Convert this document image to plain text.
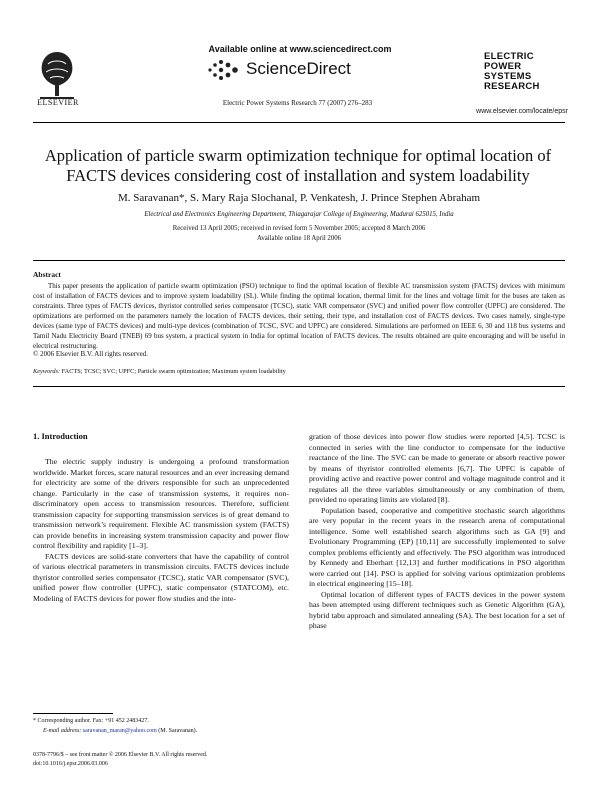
ELSEVIER
Available online at www.sciencedirect.com
ScienceDirect
Electric Power Systems Research 77 (2007) 276–283
ELECTRIC
POWER
SYSTEMS
RESEARCH
www.elsevier.com/locate/epsr
Application of particle swarm optimization technique for optimal location of FACTS devices considering cost of installation and system loadability
M. Saravanan*, S. Mary Raja Slochanal, P. Venkatesh, J. Prince Stephen Abraham
Electrical and Electronics Engineering Department, Thiagarajar College of Engineering, Madurai 625015, India
Received 13 April 2005; received in revised form 5 November 2005; accepted 8 March 2006
Available online 18 April 2006
Abstract
This paper presents the application of particle swarm optimization (PSO) technique to find the optimal location of flexible AC transmission system (FACTS) devices with minimum cost of installation of FACTS devices and to improve system loadability (SL). While finding the optimal location, thermal limit for the lines and voltage limit for the buses are taken as constraints. Three types of FACTS devices, thyristor controlled series compensator (TCSC), static VAR compensator (SVC) and unified power flow controller (UPFC) are considered. The optimizations are performed on the parameters namely the location of FACTS devices, their setting, their type, and installation cost of FACTS devices. Two cases namely, single-type devices (same type of FACTS devices) and multi-type devices (combination of TCSC, SVC and UPFC) are considered. Simulations are performed on IEEE 6, 30 and 118 bus systems and Tamil Nadu Electricity Board (TNEB) 69 bus system, a practical system in India for optimal location of FACTS devices. The results obtained are quite encouraging and will be useful in electrical restructuring.
© 2006 Elsevier B.V. All rights reserved.
Keywords: FACTS; TCSC; SVC; UPFC; Particle swarm optimization; Maximum system loadability
1. Introduction

The electric supply industry is undergoing a profound transformation worldwide. Market forces, scare natural resources and an ever increasing demand for electricity are some of the drivers responsible for such an unprecedented change. Particularly in the case of transmission systems, it requires non-discriminatory open access to transmission resources. Therefore, sufficient transmission capacity for supporting transmission services is of great demand to transmission network’s requirement. Flexible AC transmission system (FACTS) can provide benefits in increasing system transmission capacity and power flow control flexibility and rapidity [1–3].

FACTS devices are solid-state converters that have the capability of control of various electrical parameters in transmission circuits. FACTS devices include thyristor controlled series compensator (TCSC), static VAR compensator (SVC), unified power flow controller (UPFC), static compensator (STATCOM), etc. Modeling of FACTS devices for power flow studies and the inte-

gration of those devices into power flow studies were reported [4,5]. TCSC is connected in series with the line conductor to compensate for the inductive reactance of the line. The SVC can be made to generate or absorb reactive power by means of thyristor controlled elements [6,7]. The UPFC is capable of providing active and reactive power control and voltage magnitude control and it regulates all the three variables simultaneously or any combination of them, provided no operating limits are violated [8].

Population based, cooperative and competitive stochastic search algorithms are very popular in the recent years in the research arena of computational intelligence. Some well established search algorithms such as GA [9] and Evolutionary Programming (EP) [10,11] are successfully implemented to solve complex problems efficiently and effectively. The PSO algorithm was introduced by Kennedy and Eberhart [12,13] and further modifications in PSO algorithm were carried out [14]. PSO is applied for solving various optimization problems in electrical engineering [15–18].

Optimal location of different types of FACTS devices in the power system has been attempted using different techniques such as Genetic Algorithm (GA), hybrid tabu approach and simulated annealing (SA). The best location for a set of phase

* Corresponding author. Fax: +91 452 2483427.
E-mail address: saravanan_maran@yahoo.com (M. Saravanan).
0378-7796/$ – see front matter © 2006 Elsevier B.V. All rights reserved.
doi:10.1016/j.epsr.2006.03.006
